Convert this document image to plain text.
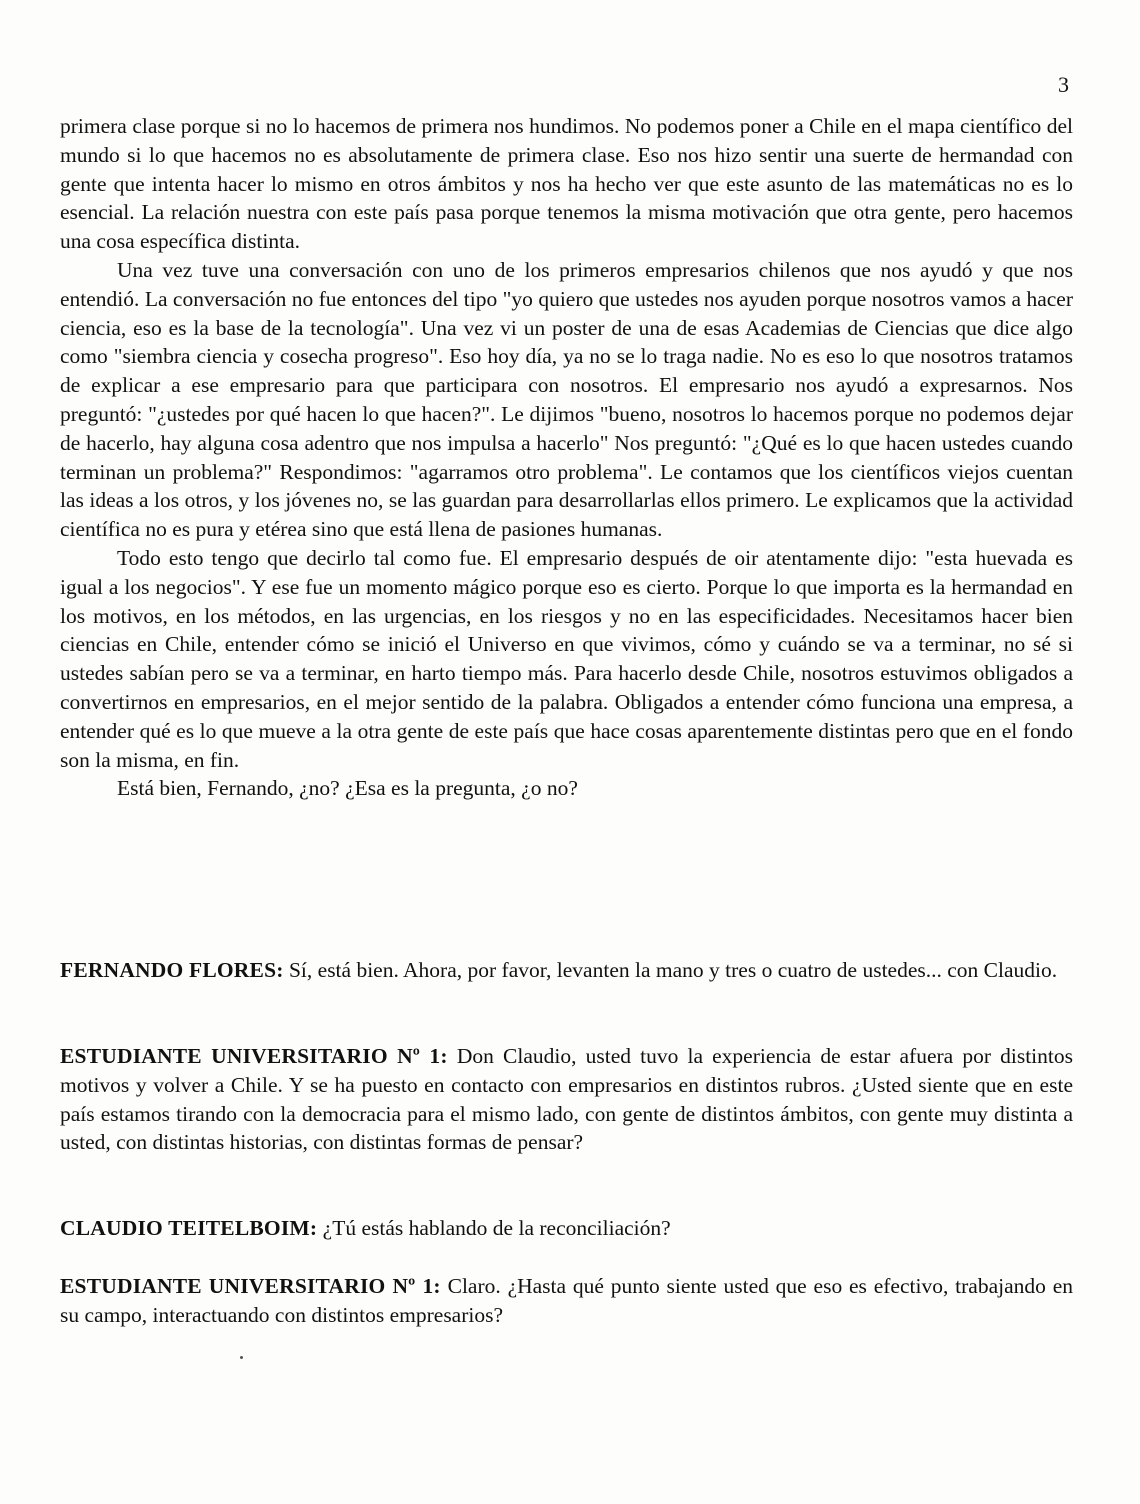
3

primera clase porque si no lo hacemos de primera nos hundimos. No podemos poner a Chile en el mapa científico del mundo si lo que hacemos no es absolutamente de primera clase. Eso nos hizo sentir una suerte de hermandad con gente que intenta hacer lo mismo en otros ámbitos y nos ha hecho ver que este asunto de las matemáticas no es lo esencial. La relación nuestra con este país pasa porque tenemos la misma motivación que otra gente, pero hacemos una cosa específica distinta.

Una vez tuve una conversación con uno de los primeros empresarios chilenos que nos ayudó y que nos entendió. La conversación no fue entonces del tipo "yo quiero que ustedes nos ayuden porque nosotros vamos a hacer ciencia, eso es la base de la tecnología". Una vez vi un poster de una de esas Academias de Ciencias que dice algo como "siembra ciencia y cosecha progreso". Eso hoy día, ya no se lo traga nadie. No es eso lo que nosotros tratamos de explicar a ese empresario para que participara con nosotros. El empresario nos ayudó a expresarnos. Nos preguntó: "¿ustedes por qué hacen lo que hacen?". Le dijimos "bueno, nosotros lo hacemos porque no podemos dejar de hacerlo, hay alguna cosa adentro que nos impulsa a hacerlo" Nos preguntó: "¿Qué es lo que hacen ustedes cuando terminan un problema?" Respondimos: "agarramos otro problema". Le contamos que los científicos viejos cuentan las ideas a los otros, y los jóvenes no, se las guardan para desarrollarlas ellos primero. Le explicamos que la actividad científica no es pura y etérea sino que está llena de pasiones humanas.

Todo esto tengo que decirlo tal como fue. El empresario después de oir atentamente dijo: "esta huevada es igual a los negocios". Y ese fue un momento mágico porque eso es cierto. Porque lo que importa es la hermandad en los motivos, en los métodos, en las urgencias, en los riesgos y no en las especificidades. Necesitamos hacer bien ciencias en Chile, entender cómo se inició el Universo en que vivimos, cómo y cuándo se va a terminar, no sé si ustedes sabían pero se va a terminar, en harto tiempo más. Para hacerlo desde Chile, nosotros estuvimos obligados a convertirnos en empresarios, en el mejor sentido de la palabra. Obligados a entender cómo funciona una empresa, a entender qué es lo que mueve a la otra gente de este país que hace cosas aparentemente distintas pero que en el fondo son la misma, en fin.

Está bien, Fernando, ¿no? ¿Esa es la pregunta, ¿o no?

FERNANDO FLORES: Sí, está bien. Ahora, por favor, levanten la mano y tres o cuatro de ustedes... con Claudio.

ESTUDIANTE UNIVERSITARIO Nº 1: Don Claudio, usted tuvo la experiencia de estar afuera por distintos motivos y volver a Chile. Y se ha puesto en contacto con empresarios en distintos rubros. ¿Usted siente que en este país estamos tirando con la democracia para el mismo lado, con gente de distintos ámbitos, con gente muy distinta a usted, con distintas historias, con distintas formas de pensar?

CLAUDIO TEITELBOIM: ¿Tú estás hablando de la reconciliación?

ESTUDIANTE UNIVERSITARIO Nº 1: Claro. ¿Hasta qué punto siente usted que eso es efectivo, trabajando en su campo, interactuando con distintos empresarios?
